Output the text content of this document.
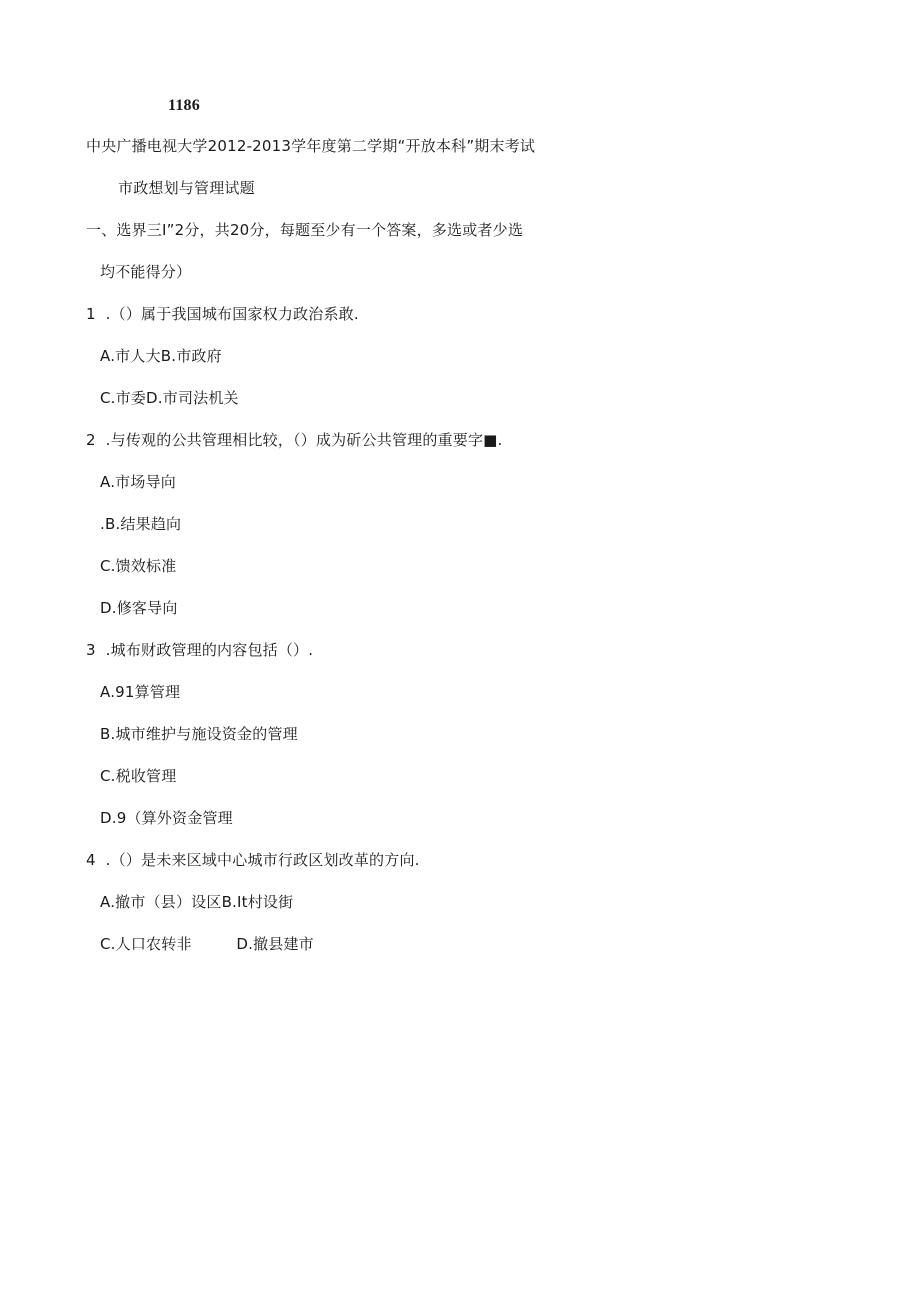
1186
中央广播电视大学2012-2013学年度第二学期“开放本科”期末考试
市政想划与管理试题
一、选界三I”2分，共20分，每题至少有一个答案，多选或者少选
均不能得分）
1  .（）属于我国城布国家权力政治系敢.
A.市人大B.市政府
C.市委D.市司法机关
2  .与传观的公共管理相比较，（）成为斫公共管理的重要字■.
A.市场导向
.B.结果趋向
C.馈效标准
D.修客导向
3  .城布财政管理的内容包括（）.
A.91算管理
B.城市维护与施设资金的管理
C.税收管理
D.9（算外资金管理
4  .（）是未来区域中心城市行政区划改革的方向.
A.撤市（县）设区B.It村设街
C.人口农转非         D.撤县建市
